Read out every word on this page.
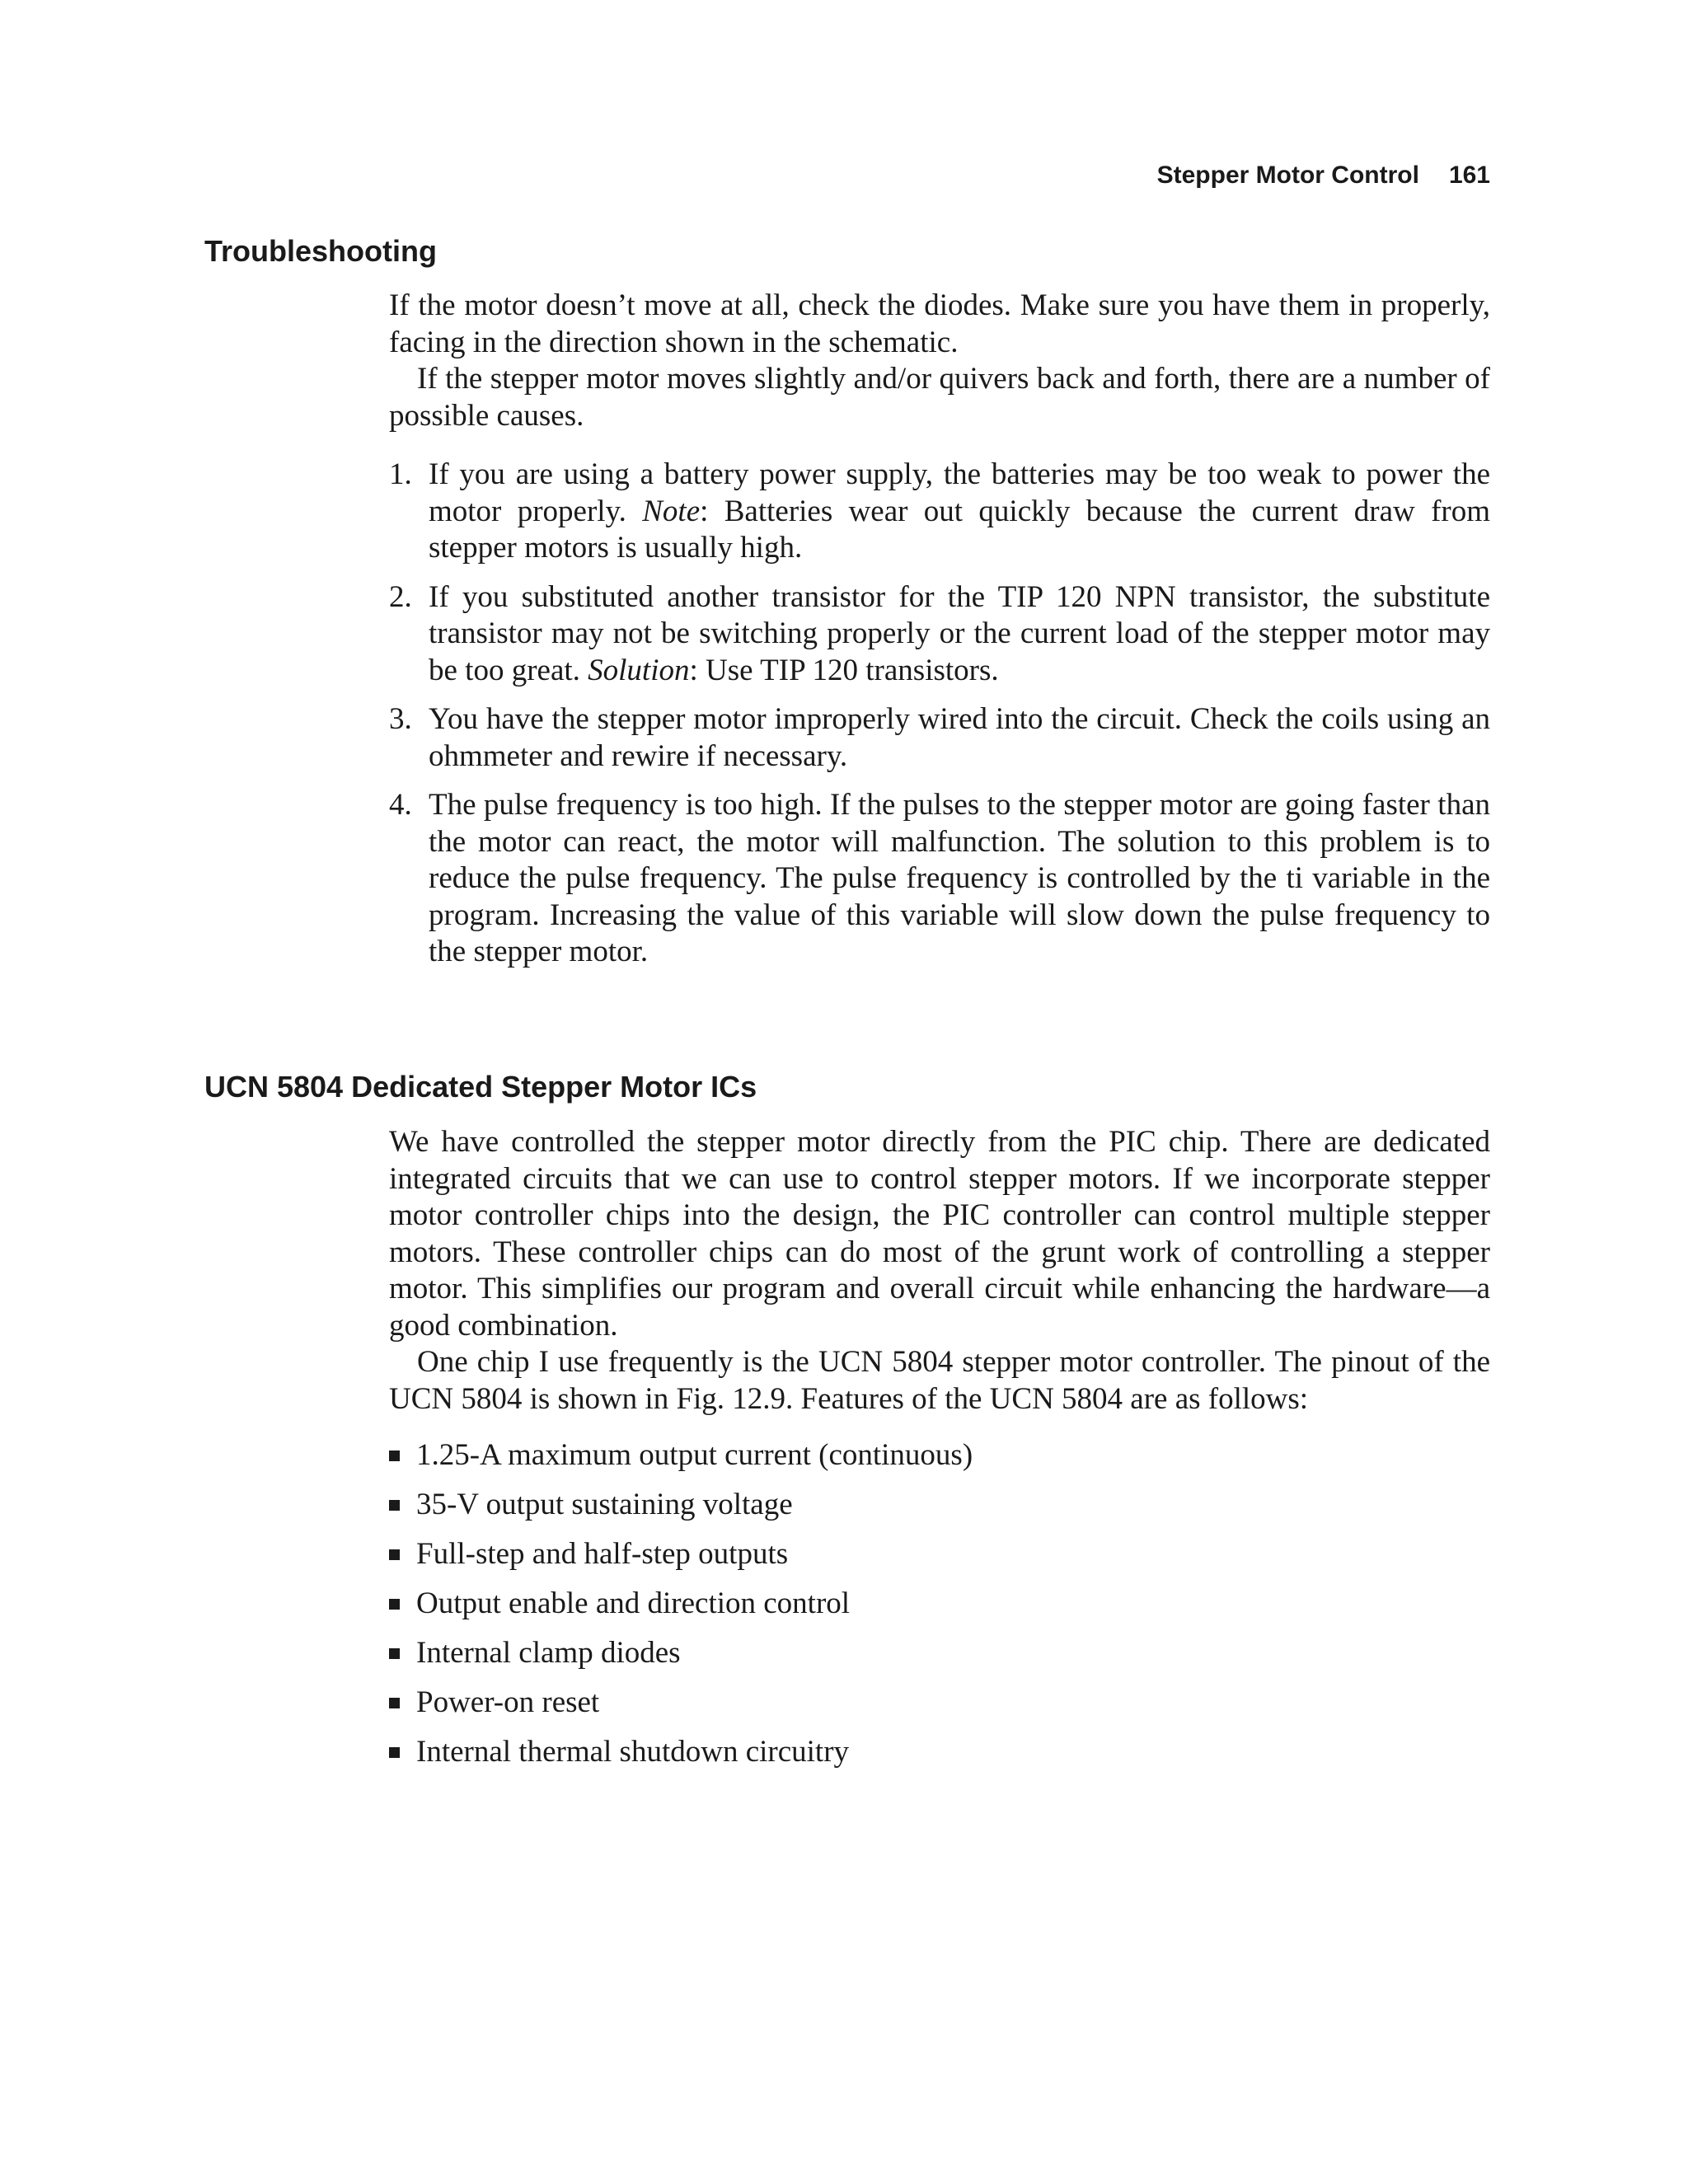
Stepper Motor Control 161
Troubleshooting

If the motor doesn’t move at all, check the diodes. Make sure you have them in properly, facing in the direction shown in the schematic.

If the stepper motor moves slightly and/or quivers back and forth, there are a number of possible causes.

1. If you are using a battery power supply, the batteries may be too weak to power the motor properly. Note: Batteries wear out quickly because the current draw from stepper motors is usually high.
2. If you substituted another transistor for the TIP 120 NPN transistor, the substitute transistor may not be switching properly or the current load of the stepper motor may be too great. Solution: Use TIP 120 transistors.
3. You have the stepper motor improperly wired into the circuit. Check the coils using an ohmmeter and rewire if necessary.
4. The pulse frequency is too high. If the pulses to the stepper motor are going faster than the motor can react, the motor will malfunction. The solution to this problem is to reduce the pulse frequency. The pulse frequency is controlled by the ti variable in the program. Increasing the value of this variable will slow down the pulse frequency to the stepper motor.
UCN 5804 Dedicated Stepper Motor ICs

We have controlled the stepper motor directly from the PIC chip. There are dedicated integrated circuits that we can use to control stepper motors. If we incorporate stepper motor controller chips into the design, the PIC controller can control multiple stepper motors. These controller chips can do most of the grunt work of controlling a stepper motor. This simplifies our program and overall circuit while enhancing the hardware—a good combination.

One chip I use frequently is the UCN 5804 stepper motor controller. The pinout of the UCN 5804 is shown in Fig. 12.9. Features of the UCN 5804 are as follows:

1.25-A maximum output current (continuous)
35-V output sustaining voltage
Full-step and half-step outputs
Output enable and direction control
Internal clamp diodes
Power-on reset
Internal thermal shutdown circuitry
